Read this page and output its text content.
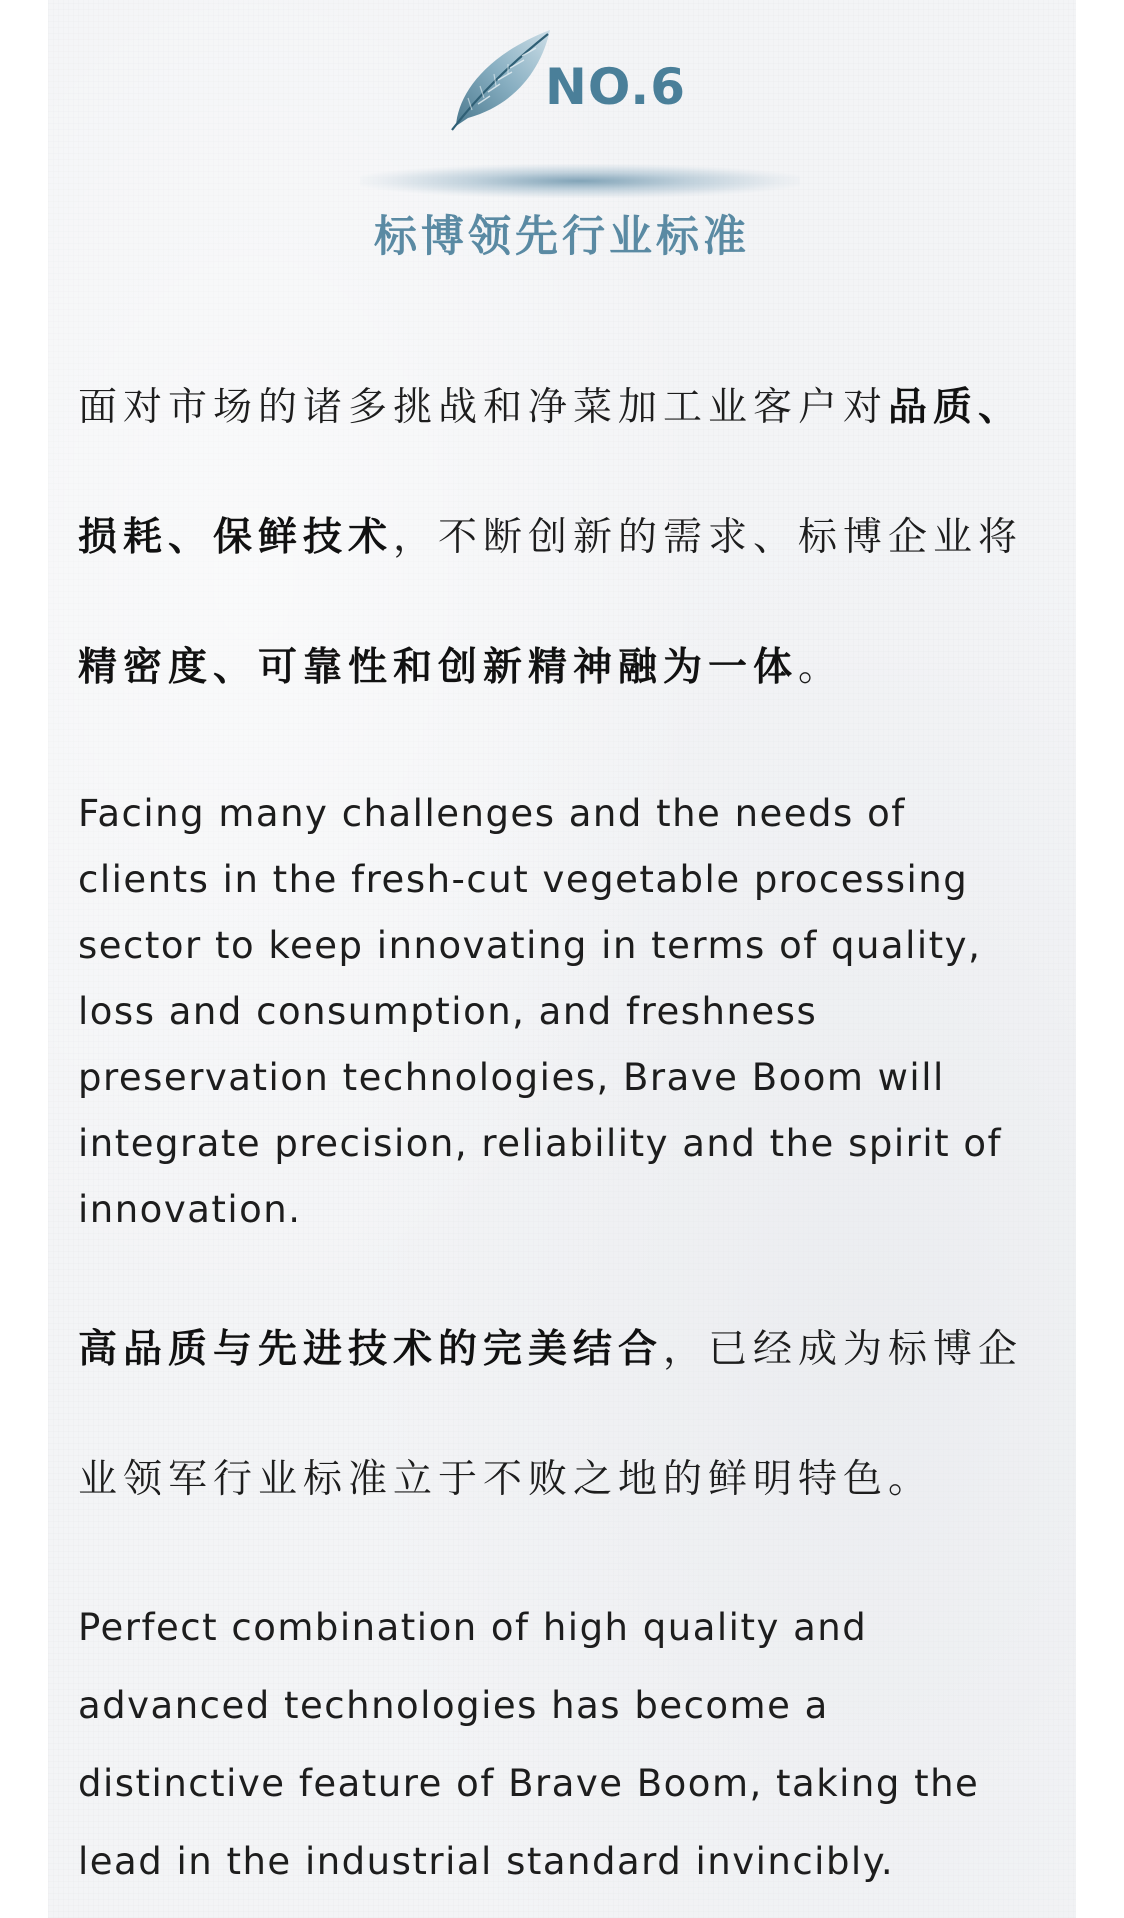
NO.6
标博领先行业标准

面对市场的诸多挑战和净菜加工业客户对品质、损耗、保鲜技术，不断创新的需求、标博企业将精密度、可靠性和创新精神融为一体。

Facing many challenges and the needs of clients in the fresh-cut vegetable processing sector to keep innovating in terms of quality, loss and consumption, and freshness preservation technologies, Brave Boom will integrate precision, reliability and the spirit of innovation.

高品质与先进技术的完美结合，已经成为标博企业领军行业标准立于不败之地的鲜明特色。

Perfect combination of high quality and advanced technologies has become a distinctive feature of Brave Boom, taking the lead in the industrial standard invincibly.
